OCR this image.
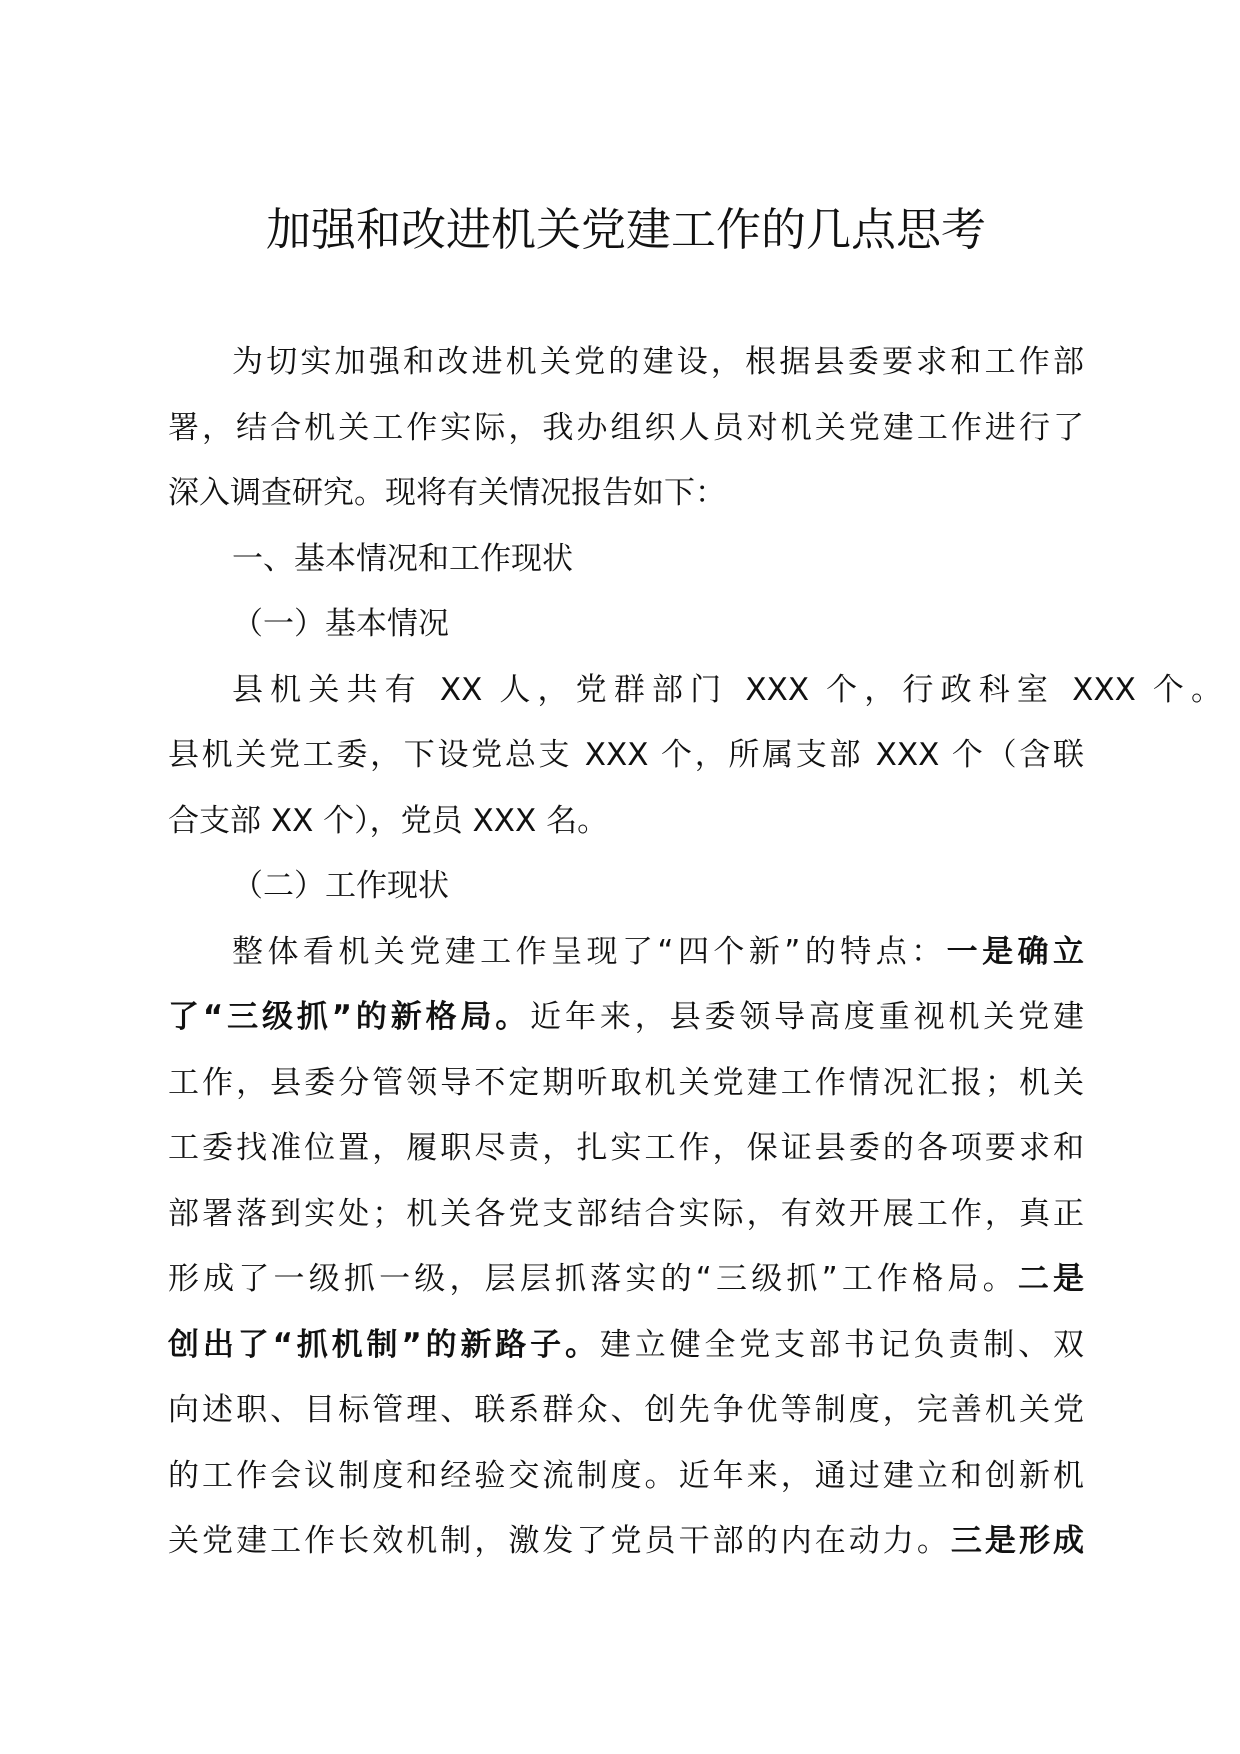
加强和改进机关党建工作的几点思考
为切实加强和改进机关党的建设，根据县委要求和工作部
署，结合机关工作实际，我办组织人员对机关党建工作进行了
深入调查研究。现将有关情况报告如下：
一、基本情况和工作现状
（一）基本情况
县机关共有 XX 人，党群部门 XXX 个，行政科室 XXX 个。
县机关党工委，下设党总支 XXX 个，所属支部 XXX 个（含联
合支部 XX 个），党员 XXX 名。
（二）工作现状
整体看机关党建工作呈现了“四个新”的特点：一是确立
了“三级抓”的新格局。近年来，县委领导高度重视机关党建
工作，县委分管领导不定期听取机关党建工作情况汇报；机关
工委找准位置，履职尽责，扎实工作，保证县委的各项要求和
部署落到实处；机关各党支部结合实际，有效开展工作，真正
形成了一级抓一级，层层抓落实的“三级抓”工作格局。二是
创出了“抓机制”的新路子。建立健全党支部书记负责制、双
向述职、目标管理、联系群众、创先争优等制度，完善机关党
的工作会议制度和经验交流制度。近年来，通过建立和创新机
关党建工作长效机制，激发了党员干部的内在动力。三是形成
